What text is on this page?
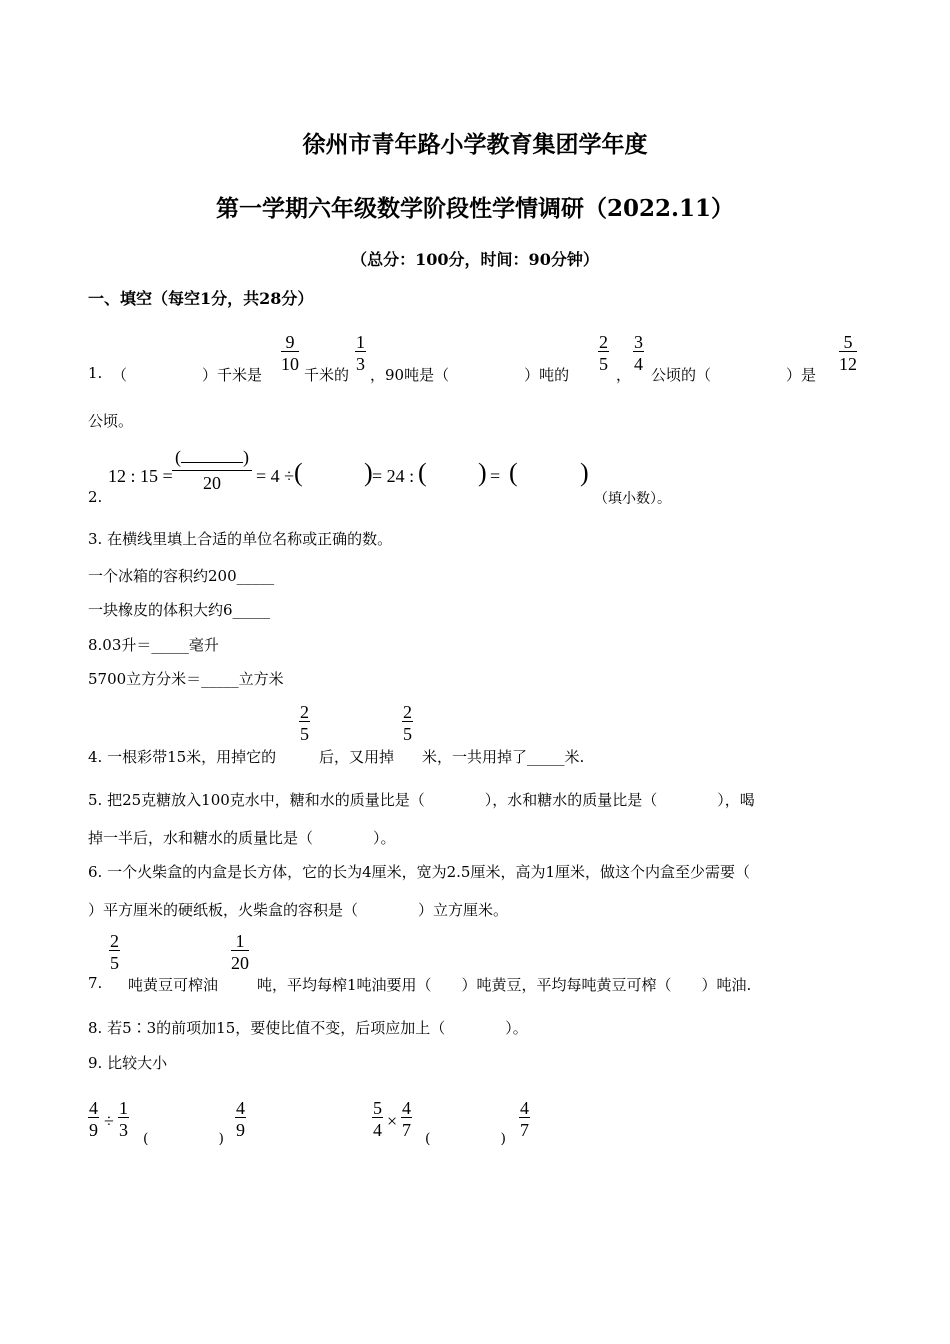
徐州市青年路小学教育集团学年度
第一学期六年级数学阶段性学情调研（2022.11）
（总分：100分，时间：90分钟）
一、填空（每空1分，共28分）
1. （　　　　　）千米是
$\frac{9}{10}$
千米的
$\frac{1}{3}$
，90吨是（　　　　　）吨的
$\frac{2}{5}$
，
$\frac{3}{4}$
公顷的（　　　　　）是
$\frac{5}{12}$
公顷。
2.
12 : 15 =
(	)
20	= 4 ÷ ( ) = 24 : ( ) = ( )
（填小数）。
3. 在横线里填上合适的单位名称或正确的数。
一个冰箱的容积约200_____
一块橡皮的体积大约6_____
8.03升＝_____毫升
5700立方分米＝_____立方米
4. 一根彩带15米，用掉它的
$\frac{2}{5}$
后，又用掉
$\frac{2}{5}$
米，一共用掉了_____米.
5. 把25克糖放入100克水中，糖和水的质量比是（　　　　），水和糖水的质量比是（　　　　），喝
掉一半后，水和糖水的质量比是（　　　　）。
6. 一个火柴盒的内盒是长方体，它的长为4厘米，宽为2.5厘米，高为1厘米，做这个内盒至少需要（
）平方厘米的硬纸板，火柴盒的容积是（　　　　）立方厘米。
7.
$\frac{2}{5}$
吨黄豆可榨油
$\frac{1}{20}$
吨，平均每榨1吨油要用（　　）吨黄豆，平均每吨黄豆可榨（　　）吨油.
8. 若5∶3的前项加15，要使比值不变，后项应加上（　　　　）。
9. 比较大小
$\frac{4}{9} \div \frac{1}{3}$ (　　　　　) $\frac{4}{9}$	$\frac{5}{4} \times \frac{4}{7}$ (　　　　　) $\frac{4}{7}$
